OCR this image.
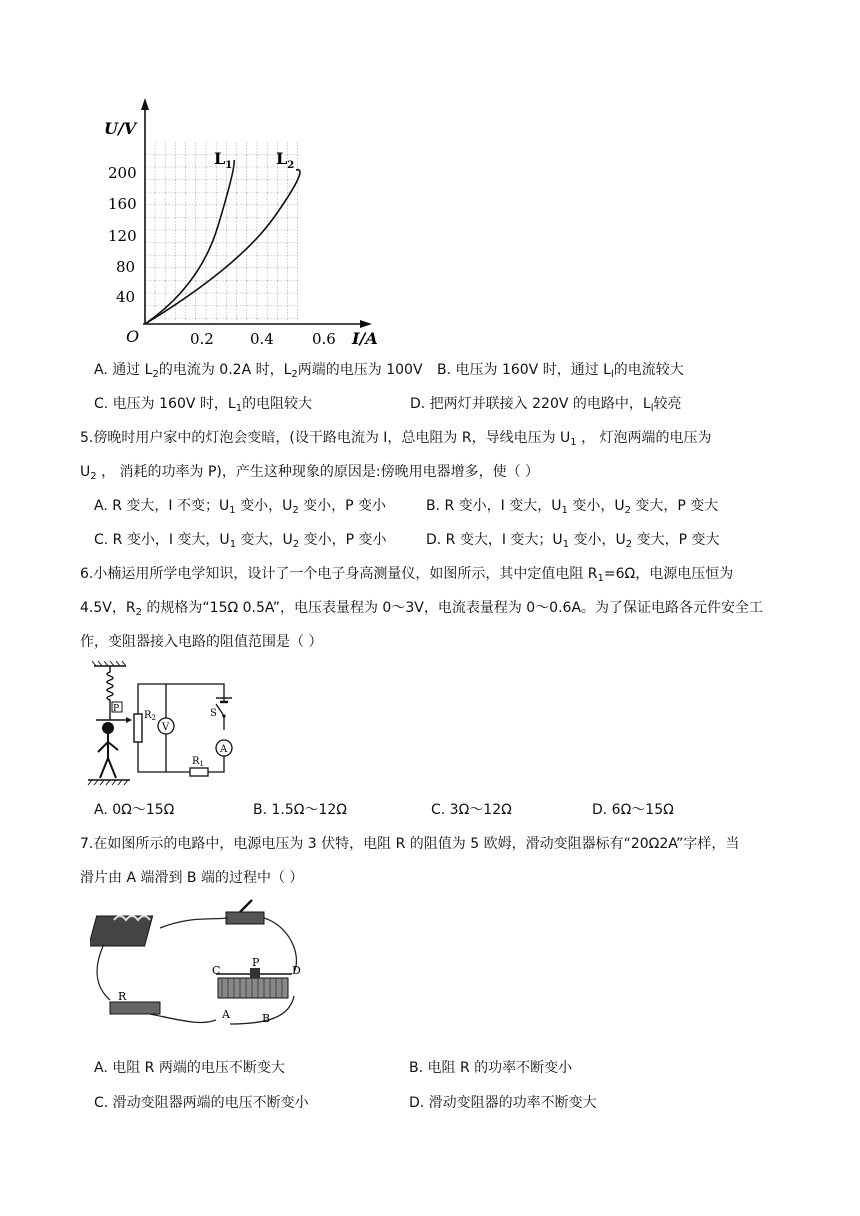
U/V
I/A
O
200
160
120
80
40
0.2 0.4	0.6
$L_1$	$L_2$
A. 通过 $L_2$的电流为 0.2A 时，$L_2$两端的电压为 100V B. 电压为 160V 时，通过 $L_l$的电流较大
C. 电压为 160V 时，$L_1$的电阻较大	D. 把两灯并联接入 220V 的电路中，$L_l$较亮
5.傍晚时用户家中的灯泡会变暗，(设干路电流为 I，总电阻为 R，导线电压为 $U_1$ ， 灯泡两端的电压为
$U_2$ ， 消耗的功率为 P)，产生这种现象的原因是:傍晚用电器增多，使（ ）
A. R 变大，I 不变；$U_1$ 变小，$U_2$ 变小，P 变小	B. R 变小，I 变大，$U_1$ 变小，$U_2$ 变大，P 变大
C. R 变小，I 变大，$U_1$ 变大，$U_2$ 变小，P 变小	D. R 变大，I 变大；$U_1$ 变小，$U_2$ 变大，P 变大
6.小楠运用所学电学知识，设计了一个电子身高测量仪，如图所示，其中定值电阻 $R_1=6\Omega$，电源电压恒为
4.5V，$R_2$ 的规格为“15Ω 0.5A”，电压表量程为 0～3V，电流表量程为 0～0.6A。为了保证电路各元件安全工
作，变阻器接入电路的阻值范围是（ ）
P
$R_2$
V
S
A
$R_1$
A. 0Ω～15Ω	B. 1.5Ω～12Ω	C. 3Ω～12Ω	D. 6Ω～15Ω
7.在如图所示的电路中，电源电压为 3 伏特，电阻 R 的阻值为 5 欧姆，滑动变阻器标有“20Ω2A”字样，当
滑片由 A 端滑到 B 端的过程中（ ）
R
C
P
D
A	B
A. 电阻 R 两端的电压不断变大	B. 电阻 R 的功率不断变小
C. 滑动变阻器两端的电压不断变小	D. 滑动变阻器的功率不断变大
